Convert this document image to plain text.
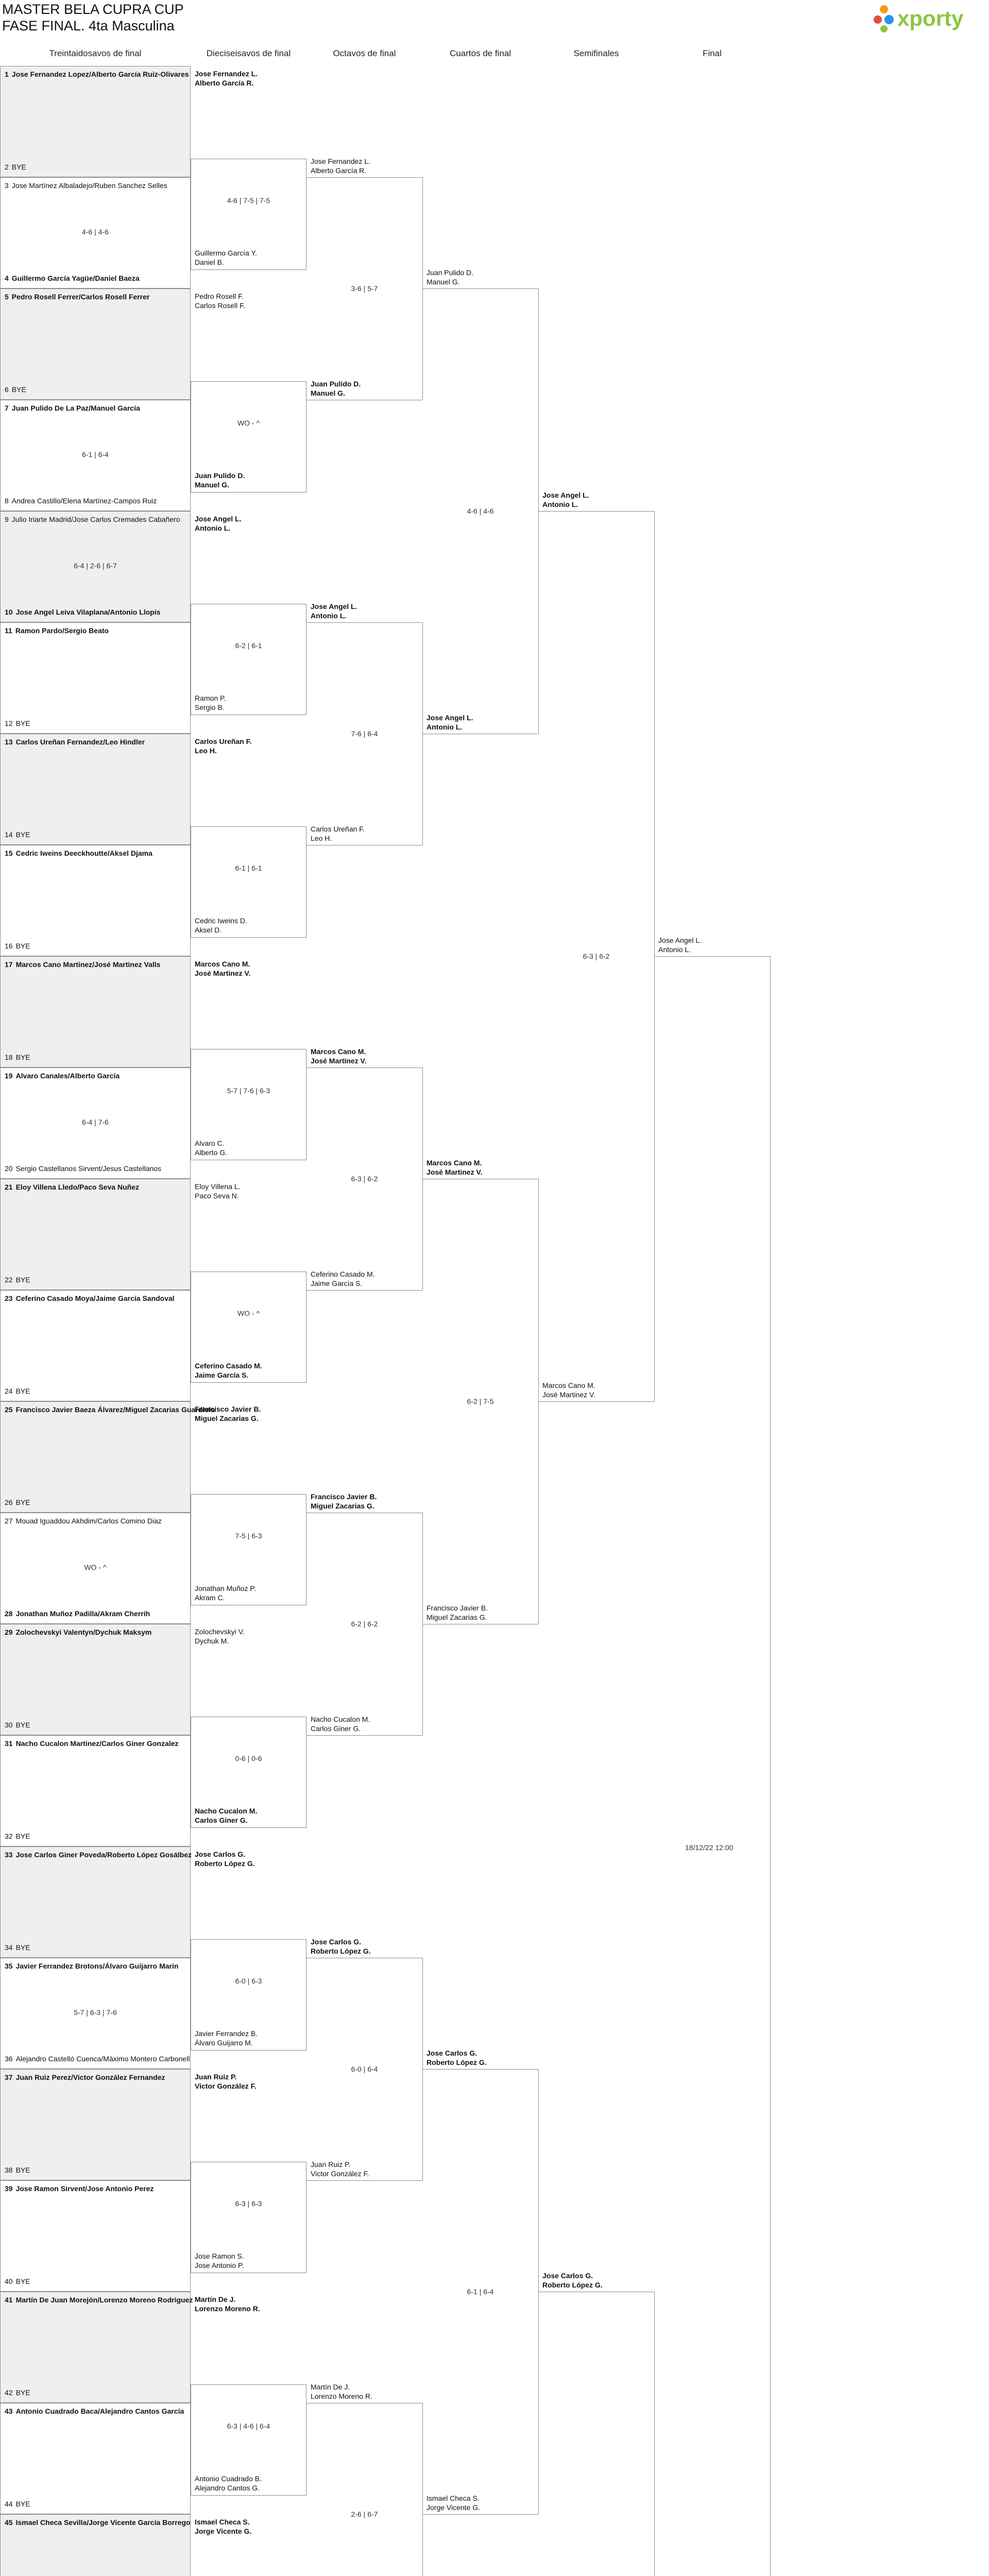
MASTER BELA CUPRA CUP
FASE FINAL. 4ta Masculina	xporty
Treintaidosavos de final	Dieciseisavos de final	Octavos de final	Cuartos de final	Semifinales	Final
1 Jose Fernandez Lopez/Alberto García Ruiz-Olivares
2 BYE
3 Jose Martínez Albaladejo/Ruben Sanchez Selles
4-6 | 4-6
4 Guillermo García Yagüe/Daniel Baeza
5 Pedro Rosell Ferrer/Carlos Rosell Ferrer
6 BYE
7 Juan Pulido De La Paz/Manuel García
6-1 | 6-4
8 Andrea Castillo/Elena Martínez-Campos Ruiz
9 Julio Iriarte Madrid/Jose Carlos Cremades Cabañero
6-4 | 2-6 | 6-7
10 Jose Angel Leiva Vilaplana/Antonio Llopis
11 Ramon Pardo/Sergio Beato
12 BYE
13 Carlos Ureñan Fernandez/Leo Hindler
14 BYE
15 Cedric Iweins Deeckhoutte/Aksel Djama
16 BYE
17 Marcos Cano Martinez/José Martinez Valls
18 BYE
19 Alvaro Canales/Alberto García
6-4 | 7-6
20 Sergio Castellanos Sirvent/Jesus Castellanos
21 Eloy Villena Lledo/Paco Seva Nuñez
22 BYE
23 Ceferino Casado Moya/Jaime García Sandoval
24 BYE
25 Francisco Javier Baeza Álvarez/Miguel Zacarias Guardiola
26 BYE
27 Mouad Iguaddou Akhdim/Carlos Comino Diaz
WO - ^
28 Jonathan Muñoz Padilla/Akram Cherrih
29 Zolochevskyi Valentyn/Dychuk Maksym
30 BYE
31 Nacho Cucalon Martinez/Carlos Giner Gonzalez
32 BYE
33 Jose Carlos Giner Poveda/Roberto López Gosálbez
34 BYE
35 Javier Ferrandez Brotons/Álvaro Guijarro Marin
5-7 | 6-3 | 7-6
36 Alejandro Castelló Cuenca/Máximo Montero Carbonell
37 Juan Ruiz Perez/Victor González Fernandez
38 BYE
39 Jose Ramon Sirvent/Jose Antonio Perez
40 BYE
41 Martín De Juan Morejón/Lorenzo Moreno Rodriguez
42 BYE
43 Antonio Cuadrado Baca/Alejandro Cantos García
44 BYE
45 Ismael Checa Sevilla/Jorge Vicente García Borrego
Jose Fernandez L.
Alberto García R.
4-6 | 7-5 | 7-5
Guillermo García Y.
Daniel B.
Pedro Rosell F.
Carlos Rosell F.
WO - ^
Juan Pulido D.
Manuel G.
Jose Angel L.
Antonio L.
6-2 | 6-1
Ramon P.
Sergio B.
Carlos Ureñan F.
Leo H.
6-1 | 6-1
Cedric Iweins D.
Aksel D.
Marcos Cano M.
José Martinez V.
5-7 | 7-6 | 6-3
Alvaro C.
Alberto G.
Eloy Villena L.
Paco Seva N.
WO - ^
Ceferino Casado M.
Jaime García S.
Francisco Javier B.
Miguel Zacarias G.
7-5 | 6-3
Jonathan Muñoz P.
Akram C.
Zolochevskyi V.
Dychuk M.
0-6 | 0-6
Nacho Cucalon M.
Carlos Giner G.
Jose Carlos G.
Roberto López G.
6-0 | 6-3
Javier Ferrandez B.
Álvaro Guijarro M.
Juan Ruiz P.
Victor González F.
6-3 | 6-3
Jose Ramon S.
Jose Antonio P.
Martín De J.
Lorenzo Moreno R.
6-3 | 4-6 | 6-4
Antonio Cuadrado B.
Alejandro Cantos G.
Ismael Checa S.
Jorge Vicente G.
Jose Fernandez L.
Alberto García R.
Juan Pulido D.
Manuel G.
3-6 | 5-7
Jose Angel L.
Antonio L.
Carlos Ureñan F.
Leo H.
7-6 | 6-4
Marcos Cano M.
José Martinez V.
Ceferino Casado M.
Jaime García S.
6-3 | 6-2
Francisco Javier B.
Miguel Zacarias G.
Nacho Cucalon M.
Carlos Giner G.
6-2 | 6-2
Jose Carlos G.
Roberto López G.
Juan Ruiz P.
Victor González F.
6-0 | 6-4
Martín De J.
Lorenzo Moreno R.
2-6 | 6-7
Juan Pulido D.
Manuel G.
Jose Angel L.
Antonio L.
4-6 | 4-6
Marcos Cano M.
José Martinez V.
Francisco Javier B.
Miguel Zacarias G.
6-2 | 7-5
Jose Carlos G.
Roberto López G.
Ismael Checa S.
Jorge Vicente G.
6-1 | 6-4
Jose Angel L.
Antonio L.
Marcos Cano M.
José Martinez V.
6-3 | 6-2
Jose Carlos G.
Roberto López G.
Jose Angel L.
Antonio L.
18/12/22 12:00
